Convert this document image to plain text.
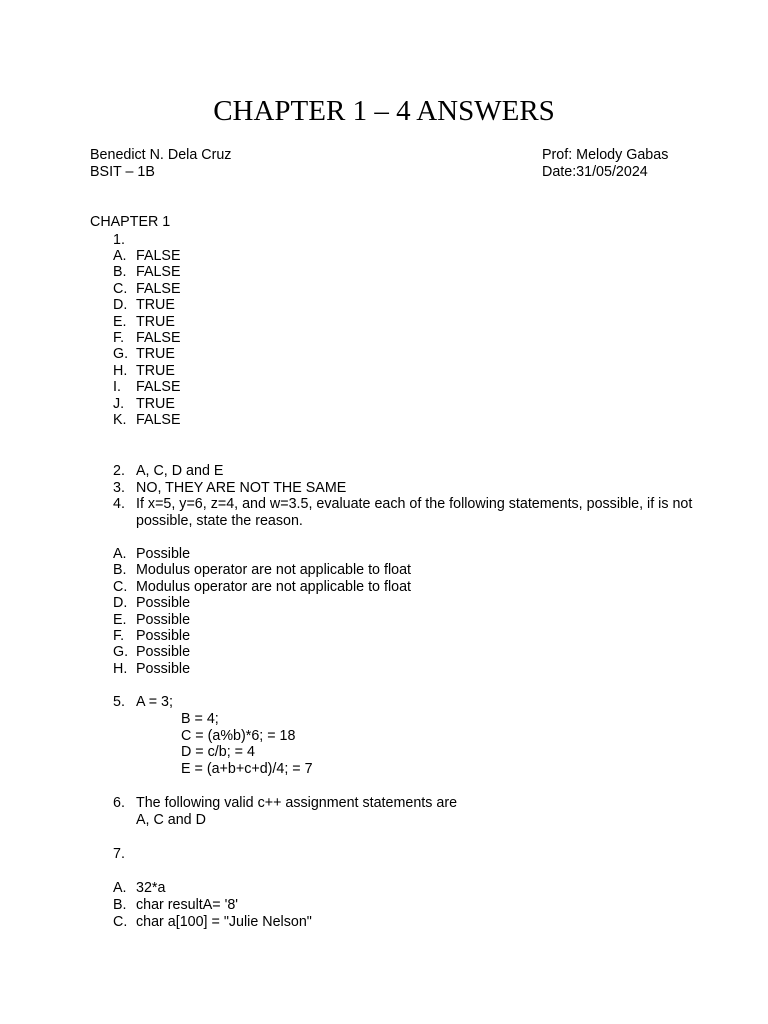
CHAPTER 1 – 4 ANSWERS
Benedict N. Dela Cruz
BSIT – 1B
Prof: Melody Gabas
Date:31/05/2024
CHAPTER 1
1.
A. FALSE
B. FALSE
C. FALSE
D. TRUE
E. TRUE
F. FALSE
G. TRUE
H. TRUE
I. FALSE
J. TRUE
K. FALSE
2. A, C, D and E
3. NO, THEY ARE NOT THE SAME
4. If x=5, y=6, z=4, and w=3.5, evaluate each of the following statements, possible, if is not
possible, state the reason.
A. Possible
B. Modulus operator are not applicable to float
C. Modulus operator are not applicable to float
D. Possible
E. Possible
F. Possible
G. Possible
H. Possible
5. A = 3;
B = 4;
C = (a%b)*6; = 18
D = c/b; = 4
E = (a+b+c+d)/4; = 7
6. The following valid c++ assignment statements are
A, C and D
7.
A. 32*a
B. char resultA= '8'
C. char a[100] = "Julie Nelson"
